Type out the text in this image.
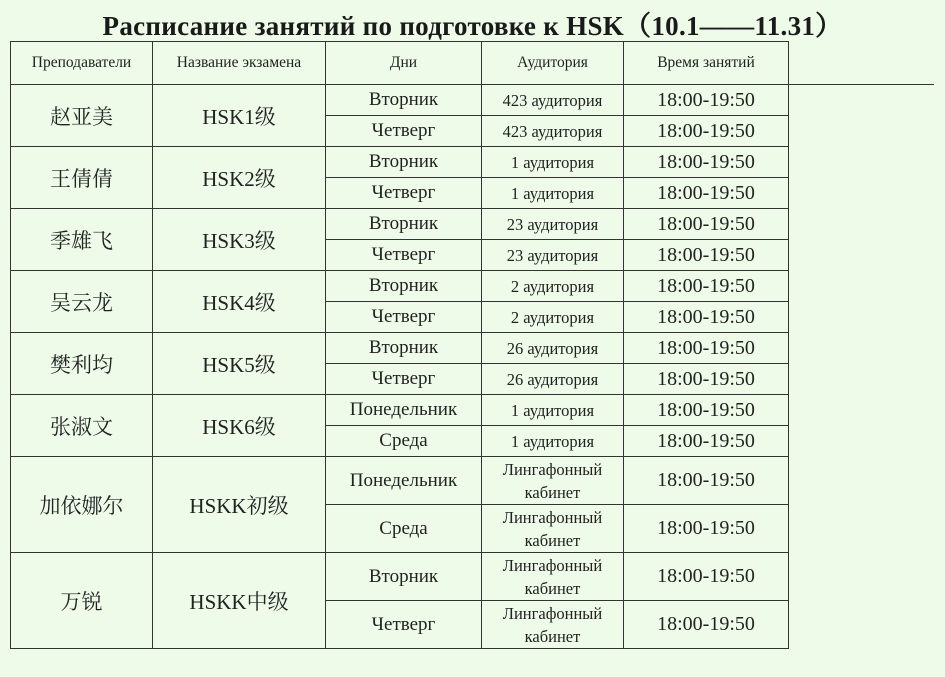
Расписание занятий по подготовке к HSK（10.1——11.31）
Преподаватели	Название экзамена	Дни	Аудитория	Время занятий	
赵亚美	HSK1级	Вторник	423 аудитория	18:00-19:50	
		Четверг	423 аудитория	18:00-19:50	
王倩倩	HSK2级	Вторник	1 аудитория	18:00-19:50	
		Четверг	1 аудитория	18:00-19:50	
季雄飞	HSK3级	Вторник	23 аудитория	18:00-19:50	
		Четверг	23 аудитория	18:00-19:50	
吴云龙	HSK4级	Вторник	2 аудитория	18:00-19:50	
		Четверг	2 аудитория	18:00-19:50	
樊利均	HSK5级	Вторник	26 аудитория	18:00-19:50	
		Четверг	26 аудитория	18:00-19:50	
张淑文	HSK6级	Понедельник	1 аудитория	18:00-19:50	
		Среда	1 аудитория	18:00-19:50	
加依娜尔	HSKK初级	Понедельник	Лингафонный кабинет	18:00-19:50	
		Среда	Лингафонный кабинет	18:00-19:50	
万锐	HSKK中级	Вторник	Лингафонный кабинет	18:00-19:50	
		Четверг	Лингафонный кабинет	18:00-19:50	
